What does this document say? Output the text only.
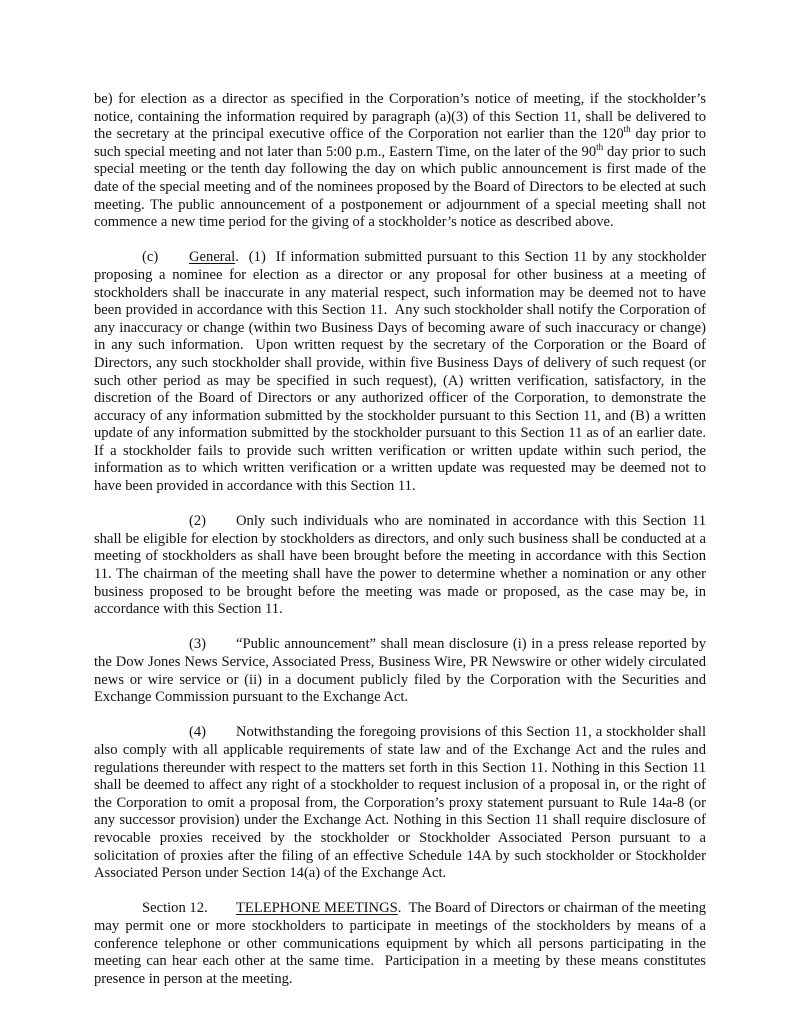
be) for election as a director as specified in the Corporation’s notice of meeting, if the stockholder’s notice, containing the information required by paragraph (a)(3) of this Section 11, shall be delivered to the secretary at the principal executive office of the Corporation not earlier than the 120th day prior to such special meeting and not later than 5:00 p.m., Eastern Time, on the later of the 90th day prior to such special meeting or the tenth day following the day on which public announcement is first made of the date of the special meeting and of the nominees proposed by the Board of Directors to be elected at such meeting. The public announcement of a postponement or adjournment of a special meeting shall not commence a new time period for the giving of a stockholder’s notice as described above.

(c) General.  (1)  If information submitted pursuant to this Section 11 by any stockholder proposing a nominee for election as a director or any proposal for other business at a meeting of stockholders shall be inaccurate in any material respect, such information may be deemed not to have been provided in accordance with this Section 11.  Any such stockholder shall notify the Corporation of any inaccuracy or change (within two Business Days of becoming aware of such inaccuracy or change) in any such information.  Upon written request by the secretary of the Corporation or the Board of Directors, any such stockholder shall provide, within five Business Days of delivery of such request (or such other period as may be specified in such request), (A) written verification, satisfactory, in the discretion of the Board of Directors or any authorized officer of the Corporation, to demonstrate the accuracy of any information submitted by the stockholder pursuant to this Section 11, and (B) a written update of any information submitted by the stockholder pursuant to this Section 11 as of an earlier date.  If a stockholder fails to provide such written verification or written update within such period, the information as to which written verification or a written update was requested may be deemed not to have been provided in accordance with this Section 11.

(2) Only such individuals who are nominated in accordance with this Section 11 shall be eligible for election by stockholders as directors, and only such business shall be conducted at a meeting of stockholders as shall have been brought before the meeting in accordance with this Section 11. The chairman of the meeting shall have the power to determine whether a nomination or any other business proposed to be brought before the meeting was made or proposed, as the case may be, in accordance with this Section 11.

(3) “Public announcement” shall mean disclosure (i) in a press release reported by the Dow Jones News Service, Associated Press, Business Wire, PR Newswire or other widely circulated news or wire service or (ii) in a document publicly filed by the Corporation with the Securities and Exchange Commission pursuant to the Exchange Act.

(4) Notwithstanding the foregoing provisions of this Section 11, a stockholder shall also comply with all applicable requirements of state law and of the Exchange Act and the rules and regulations thereunder with respect to the matters set forth in this Section 11. Nothing in this Section 11 shall be deemed to affect any right of a stockholder to request inclusion of a proposal in, or the right of the Corporation to omit a proposal from, the Corporation’s proxy statement pursuant to Rule 14a-8 (or any successor provision) under the Exchange Act. Nothing in this Section 11 shall require disclosure of revocable proxies received by the stockholder or Stockholder Associated Person pursuant to a solicitation of proxies after the filing of an effective Schedule 14A by such stockholder or Stockholder Associated Person under Section 14(a) of the Exchange Act.

Section 12. TELEPHONE MEETINGS.  The Board of Directors or chairman of the meeting may permit one or more stockholders to participate in meetings of the stockholders by means of a conference telephone or other communications equipment by which all persons participating in the meeting can hear each other at the same time.  Participation in a meeting by these means constitutes presence in person at the meeting.
